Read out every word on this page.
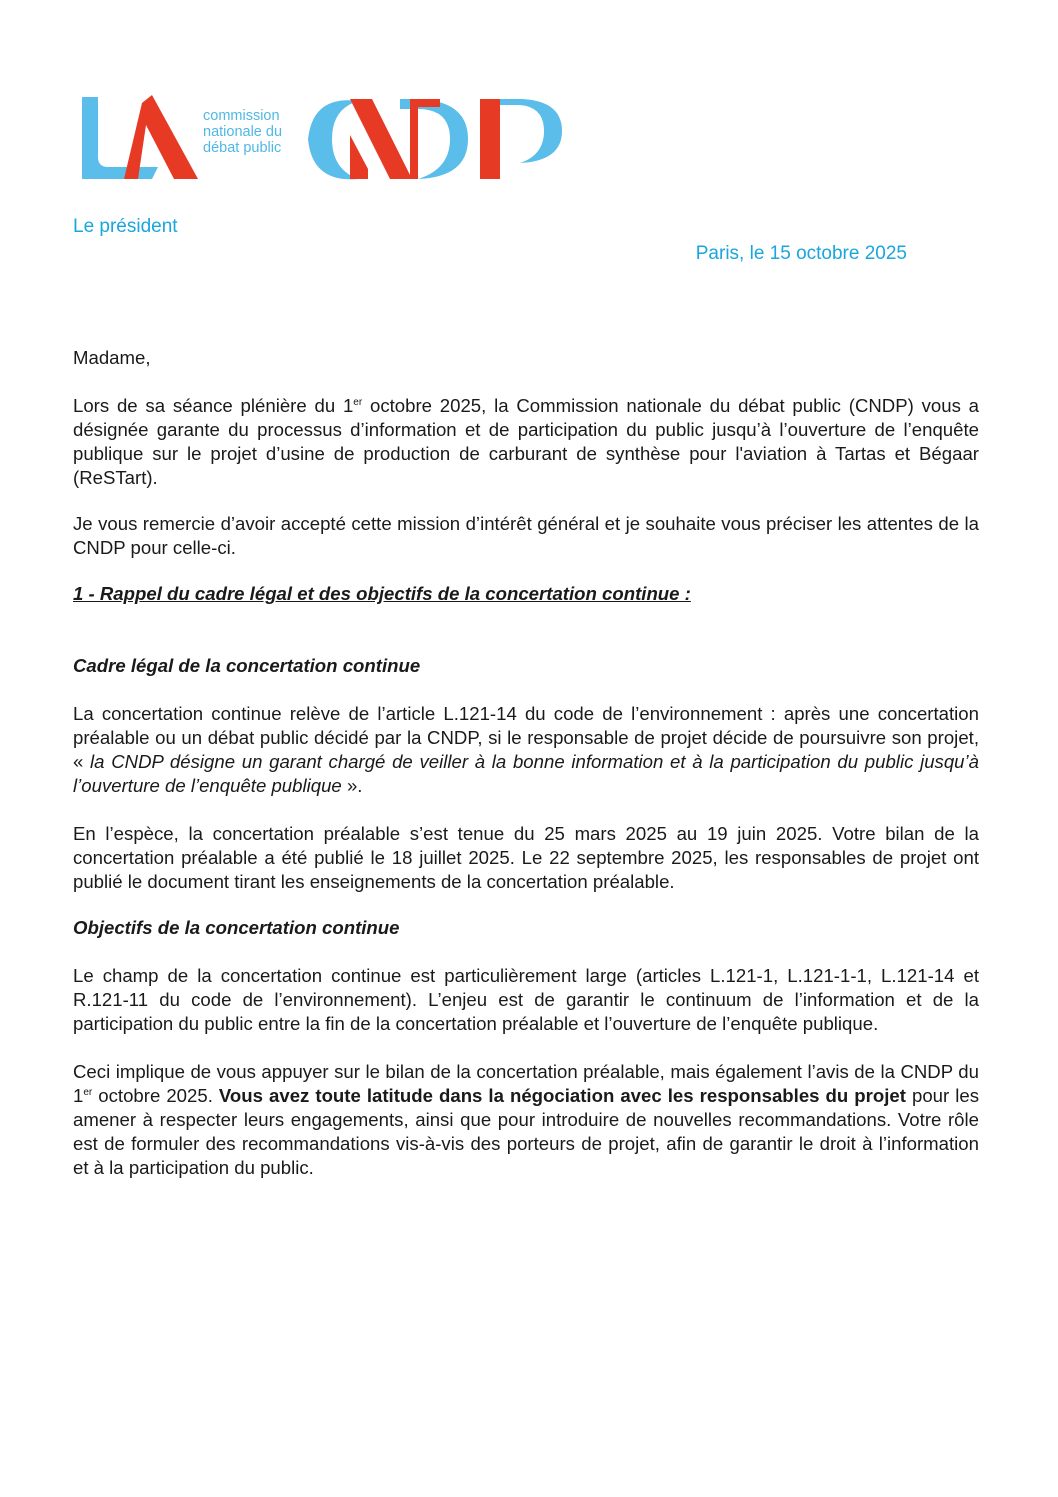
commission
nationale du
débat public
Le président
Paris, le 15 octobre 2025

Madame,

Lors de sa séance plénière du 1er octobre 2025, la Commission nationale du débat public (CNDP) vous a désignée garante du processus d’information et de participation du public jusqu’à l’ouverture de l’enquête publique sur le projet d’usine de production de carburant de synthèse pour l'aviation à Tartas et Bégaar (ReSTart).

Je vous remercie d’avoir accepté cette mission d’intérêt général et je souhaite vous préciser les attentes de la CNDP pour celle-ci.

1 - Rappel du cadre légal et des objectifs de la concertation continue :

Cadre légal de la concertation continue

La concertation continue relève de l’article L.121-14 du code de l’environnement : après une concertation préalable ou un débat public décidé par la CNDP, si le responsable de projet décide de poursuivre son projet, « la CNDP désigne un garant chargé de veiller à la bonne information et à la participation du public jusqu’à l’ouverture de l’enquête publique ».

En l’espèce, la concertation préalable s’est tenue du 25 mars 2025 au 19 juin 2025. Votre bilan de la concertation préalable a été publié le 18 juillet 2025. Le 22 septembre 2025, les responsables de projet ont publié le document tirant les enseignements de la concertation préalable.

Objectifs de la concertation continue

Le champ de la concertation continue est particulièrement large (articles L.121-1, L.121-1-1, L.121-14 et R.121-11 du code de l’environnement). L’enjeu est de garantir le continuum de l’information et de la participation du public entre la fin de la concertation préalable et l’ouverture de l’enquête publique.

Ceci implique de vous appuyer sur le bilan de la concertation préalable, mais également l’avis de la CNDP du 1er octobre 2025. Vous avez toute latitude dans la négociation avec les responsables du projet pour les amener à respecter leurs engagements, ainsi que pour introduire de nouvelles recommandations. Votre rôle est de formuler des recommandations vis-à-vis des porteurs de projet, afin de garantir le droit à l’information et à la participation du public.
